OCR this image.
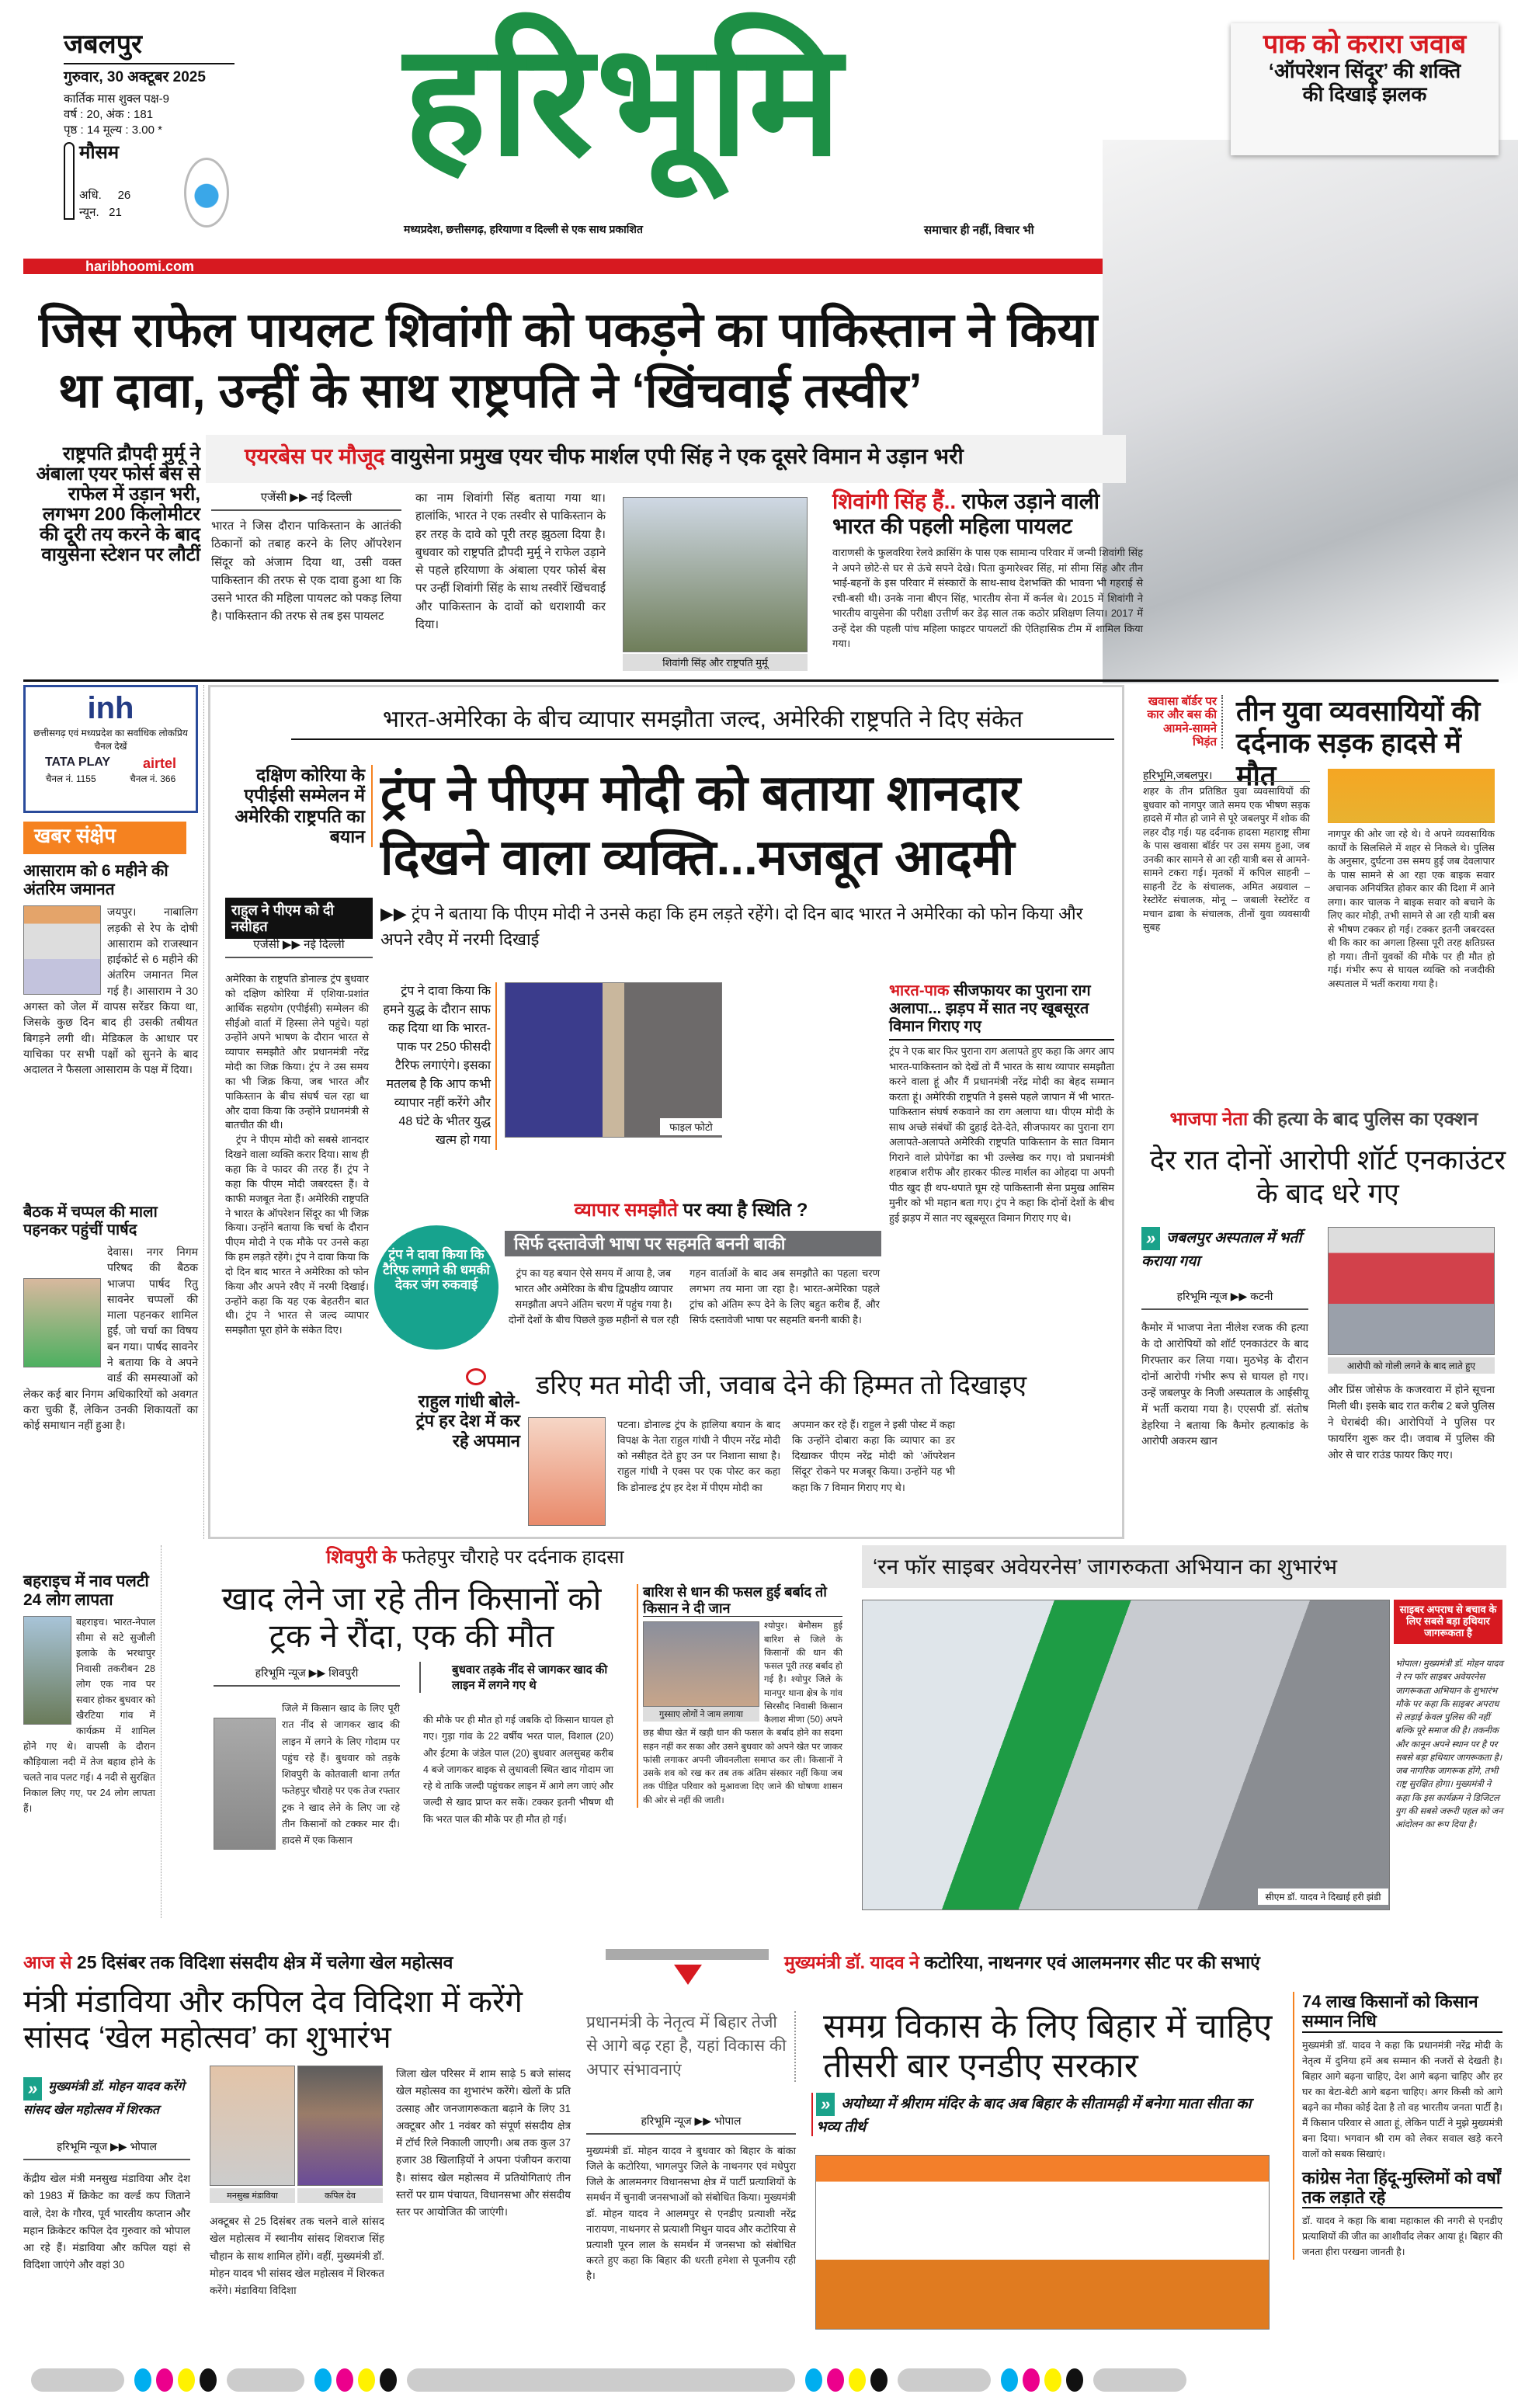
जबलपुर
गुरुवार, 30 अक्टूबर 2025
कार्तिक मास शुक्ल पक्ष-9
वर्ष : 20, अंक : 181
पृष्ठ : 14 मूल्य : 3.00 *
मौसम
अधि. 26
न्यून. 21
हरिभूमि
मध्यप्रदेश, छत्तीसगढ़, हरियाणा व दिल्ली से एक साथ प्रकाशित	समाचार ही नहीं, विचार भी
haribhoomi.com
पाक को करारा जवाब
‘ऑपरेशन सिंदूर’ की शक्ति
की दिखाई झलक
जिस राफेल पायलट शिवांगी को पकड़ने का पाकिस्तान ने किया
था दावा, उन्हीं के साथ राष्ट्रपति ने ‘खिंचवाई तस्वीर’
राष्ट्रपति द्रौपदी मुर्मू ने अंबाला एयर फोर्स बेस से राफेल में उड़ान भरी, लगभग 200 किलोमीटर की दूरी तय करने के बाद वायुसेना स्टेशन पर लौटीं
एयरबेस पर मौजूद वायुसेना प्रमुख एयर चीफ मार्शल एपी सिंह ने एक दूसरे विमान मे उड़ान भरी
एजेंसी ▶▶ नई दिल्ली
भारत ने जिस दौरान पाकिस्तान के आतंकी ठिकानों को तबाह करने के लिए ऑपरेशन सिंदूर को अंजाम दिया था, उसी वक्त पाकिस्तान की तरफ से एक दावा हुआ था कि उसने भारत की महिला पायलट को पकड़ लिया है। पाकिस्तान की तरफ से तब इस पायलट
का नाम शिवांगी सिंह बताया गया था। हालांकि, भारत ने एक तस्वीर से पाकिस्तान के हर तरह के दावे को पूरी तरह झुठला दिया है। बुधवार को राष्ट्रपति द्रौपदी मुर्मू ने राफेल उड़ाने से पहले हरियाणा के अंबाला एयर फोर्स बेस पर उन्हीं शिवांगी सिंह के साथ तस्वीरें खिंचवाईं और पाकिस्तान के दावों को धराशायी कर दिया।
शिवांगी सिंह और राष्ट्रपति मुर्मू
शिवांगी सिंह हैं.. राफेल उड़ाने वाली भारत की पहली महिला पायलट
वाराणसी के फुलवरिया रेलवे क्रासिंग के पास एक सामान्य परिवार में जन्मी शिवांगी सिंह ने अपने छोटे-से घर से ऊंचे सपने देखे। पिता कुमारेश्वर सिंह, मां सीमा सिंह और तीन भाई-बहनों के इस परिवार में संस्कारों के साथ-साथ देशभक्ति की भावना भी गहराई से रची-बसी थी। उनके नाना बीएन सिंह, भारतीय सेना में कर्नल थे। 2015 में शिवांगी ने भारतीय वायुसेना की परीक्षा उत्तीर्ण कर डेढ़ साल तक कठोर प्रशिक्षण लिया। 2017 में उन्हें देश की पहली पांच महिला फाइटर पायलटों की ऐतिहासिक टीम में शामिल किया गया।
inh
छत्तीसगढ़ एवं मध्यप्रदेश का सर्वाधिक लोकप्रिय चैनल देखें
TATA PLAY airtel
चैनल नं. 1155	चैनल नं. 366
खबर संक्षेप
आसाराम को 6 महीने की अंतरिम जमानत
जयपुर। नाबालिग लड़की से रेप के दोषी आसाराम को राजस्थान हाईकोर्ट से 6 महीने की अंतरिम जमानत मिल गई है। आसाराम ने 30 अगस्त को जेल में वापस सरेंडर किया था, जिसके कुछ दिन बाद ही उसकी तबीयत बिगड़ने लगी थी। मेडिकल के आधार पर याचिका पर सभी पक्षों को सुनने के बाद अदालत ने फैसला आसाराम के पक्ष में दिया।
बैठक में चप्पल की माला पहनकर पहुंचीं पार्षद
देवास। नगर निगम परिषद की बैठक भाजपा पार्षद रितु सावनेर चप्पलों की माला पहनकर शामिल हुईं, जो चर्चा का विषय बन गया। पार्षद सावनेर ने बताया कि वे अपने वार्ड की समस्याओं को लेकर कई बार निगम अधिकारियों को अवगत करा चुकी हैं, लेकिन उनकी शिकायतों का कोई समाधान नहीं हुआ है।
भारत-अमेरिका के बीच व्यापार समझौता जल्द, अमेरिकी राष्ट्रपति ने दिए संकेत
दक्षिण कोरिया के एपीईसी सम्मेलन में अमेरिकी राष्ट्रपति का बयान
ट्रंप ने पीएम मोदी को बताया शानदार
दिखने वाला व्यक्ति...मजबूत आदमी
▶▶ ट्रंप ने बताया कि पीएम मोदी ने उनसे कहा कि हम लड़ते रहेंगे। दो दिन बाद भारत ने अमेरिका को फोन किया और अपने रवैए में नरमी दिखाई
राहुल ने पीएम को दी नसीहत
एजेंसी ▶▶ नई दिल्ली
अमेरिका के राष्ट्रपति डोनाल्ड ट्रंप बुधवार को दक्षिण कोरिया में एशिया-प्रशांत आर्थिक सहयोग (एपीईसी) सम्मेलन की सीईओ वार्ता में हिस्सा लेने पहुंचे। यहां उन्होंने अपने भाषण के दौरान भारत से व्यापार समझौते और प्रधानमंत्री नरेंद्र मोदी का जिक्र किया। ट्रंप ने उस समय का भी जिक्र किया, जब भारत और पाकिस्तान के बीच संघर्ष चल रहा था और दावा किया कि उन्होंने प्रधानमंत्री से बातचीत की थी।
ट्रंप ने पीएम मोदी को सबसे शानदार दिखने वाला व्यक्ति करार दिया। साथ ही कहा कि वे फादर की तरह हैं। ट्रंप ने कहा कि पीएम मोदी जबरदस्त हैं। वे काफी मजबूत नेता हैं। अमेरिकी राष्ट्रपति ने भारत के ऑपरेशन सिंदूर का भी जिक्र किया। उन्होंने बताया कि चर्चा के दौरान पीएम मोदी ने एक मौके पर उनसे कहा कि हम लड़ते रहेंगे। ट्रंप ने दावा किया कि दो दिन बाद भारत ने अमेरिका को फोन किया और अपने रवैए में नरमी दिखाई। उन्होंने कहा कि यह एक बेहतरीन बात थी। ट्रंप ने भारत से जल्द व्यापार समझौता पूरा होने के संकेत दिए।
ट्रंप ने दावा किया कि हमने युद्ध के दौरान साफ कह दिया था कि भारत-पाक पर 250 फीसदी टैरिफ लगाएंगे। इसका मतलब है कि आप कभी व्यापार नहीं करेंगे और 48 घंटे के भीतर युद्ध खत्म हो गया
फाइल फोटो
ट्रंप ने दावा किया कि टैरिफ लगाने की धमकी देकर जंग रुकवाई
भारत-पाक सीजफायर का पुराना राग अलापा... झड़प में सात नए खूबसूरत विमान गिराए गए
ट्रंप ने एक बार फिर पुराना राग अलापते हुए कहा कि अगर आप भारत-पाकिस्तान को देखें तो मैं भारत के साथ व्यापार समझौता करने वाला हूं और मैं प्रधानमंत्री नरेंद्र मोदी का बेहद सम्मान करता हूं। अमेरिकी राष्ट्रपति ने इससे पहले जापान में भी भारत-पाकिस्तान संघर्ष रुकवाने का राग अलापा था। पीएम मोदी के साथ अच्छे संबंधों की दुहाई देते-देते, सीजफायर का पुराना राग अलापते-अलापते अमेरिकी राष्ट्रपति पाकिस्तान के सात विमान गिराने वाले प्रोपेगेंडा का भी उल्लेख कर गए। वो प्रधानमंत्री शहबाज शरीफ और हारकर फील्ड मार्शल का ओहदा पा अपनी पीठ खुद ही थप-थपाते घूम रहे पाकिस्तानी सेना प्रमुख आसिम मुनीर को भी महान बता गए। ट्रंप ने कहा कि दोनों देशों के बीच हुई झड़प में सात नए खूबसूरत विमान गिराए गए थे।
व्यापार समझौते पर क्या है स्थिति ?
सिर्फ दस्तावेजी भाषा पर सहमति बननी बाकी
ट्रंप का यह बयान ऐसे समय में आया है, जब भारत और अमेरिका के बीच द्विपक्षीय व्यापार समझौता अपने अंतिम चरण में पहुंच गया है। दोनों देशों के बीच पिछले कुछ महीनों से चल रही
गहन वार्ताओं के बाद अब समझौते का पहला चरण लगभग तय माना जा रहा है। भारत-अमेरिका पहले ट्रांच को अंतिम रूप देने के लिए बहुत करीब हैं, और सिर्फ दस्तावेजी भाषा पर सहमति बननी बाकी है।
राहुल गांधी बोले- ट्रंप हर देश में कर रहे अपमान
डरिए मत मोदी जी, जवाब देने की हिम्मत तो दिखाइए
पटना। डोनाल्ड ट्रंप के हालिया बयान के बाद विपक्ष के नेता राहुल गांधी ने पीएम नरेंद्र मोदी को नसीहत देते हुए उन पर निशाना साधा है। राहुल गांधी ने एक्स पर एक पोस्ट कर कहा कि डोनाल्ड ट्रंप हर देश में पीएम मोदी का
अपमान कर रहे हैं। राहुल ने इसी पोस्ट में कहा कि उन्होंने दोबारा कहा कि व्यापार का डर दिखाकर पीएम नरेंद्र मोदी को 'ऑपरेशन सिंदूर' रोकने पर मजबूर किया। उन्होंने यह भी कहा कि 7 विमान गिराए गए थे।
खवासा बॉर्डर पर कार और बस की आमने-सामने भिड़ंत
तीन युवा व्यवसायियों की दर्दनाक सड़क हादसे में मौत
हरिभूमि,जबलपुर।
शहर के तीन प्रतिष्ठित युवा व्यवसायियों की बुधवार को नागपुर जाते समय एक भीषण सड़क हादसे में मौत हो जाने से पूरे जबलपुर में शोक की लहर दौड़ गई। यह दर्दनाक हादसा महाराष्ट्र सीमा के पास खवासा बॉर्डर पर उस समय हुआ, जब उनकी कार सामने से आ रही यात्री बस से आमने-सामने टकरा गई। मृतकों में कपिल साहनी –साहनी टेंट के संचालक, अमित अग्रवाल – रेस्टोरेंट संचालक, मोनू – जबाली रेस्टोरेंट व मचान ढाबा के संचालक, तीनों युवा व्यवसायी सुबह
नागपुर की ओर जा रहे थे। वे अपने व्यवसायिक कार्यों के सिलसिले में शहर से निकले थे। पुलिस के अनुसार, दुर्घटना उस समय हुई जब देवलापार के पास सामने से आ रहा एक बाइक सवार अचानक अनियंत्रित होकर कार की दिशा में आने लगा। कार चालक ने बाइक सवार को बचाने के लिए कार मोड़ी, तभी सामने से आ रही यात्री बस से भीषण टक्कर हो गई। टक्कर इतनी जबरदस्त थी कि कार का अगला हिस्सा पूरी तरह क्षतिग्रस्त हो गया। तीनों युवकों की मौके पर ही मौत हो गई। गंभीर रूप से घायल व्यक्ति को नजदीकी अस्पताल में भर्ती कराया गया है।
भाजपा नेता की हत्या के बाद पुलिस का एक्शन
देर रात दोनों आरोपी शॉर्ट एनकाउंटर के बाद धरे गए
» जबलपुर अस्पताल में भर्ती कराया गया
हरिभूमि न्यूज ▶▶ कटनी
कैमोर में भाजपा नेता नीलेश रजक की हत्या के दो आरोपियों को शॉर्ट एनकाउंटर के बाद गिरफ्तार कर लिया गया। मुठभेड़ के दौरान दोनों आरोपी गंभीर रूप से घायल हो गए। उन्हें जबलपुर के निजी अस्पताल के आईसीयू में भर्ती कराया गया है। एएसपी डॉ. संतोष डेहरिया ने बताया कि कैमोर हत्याकांड के आरोपी अकरम खान
आरोपी को गोली लगने के बाद लाते हुए
और प्रिंस जोसेफ के कजरवारा में होने सूचना मिली थी। इसके बाद रात करीब 2 बजे पुलिस ने घेराबंदी की। आरोपियों ने पुलिस पर फायरिंग शुरू कर दी। जवाब में पुलिस की ओर से चार राउंड फायर किए गए।
बहराइच में नाव पलटी 24 लोग लापता
बहराइच। भारत-नेपाल सीमा से सटे सुजौली इलाके के भरथापुर निवासी तकरीबन 28 लोग एक नाव पर सवार होकर बुधवार को खैरटिया गांव में कार्यक्रम में शामिल होने गए थे। वापसी के दौरान कौड़ियाला नदी में तेज बहाव होने के चलते नाव पलट गई। 4 नदी से सुरक्षित निकाल लिए गए, पर 24 लोग लापता हैं।
शिवपुरी के फतेहपुर चौराहे पर दर्दनाक हादसा
खाद लेने जा रहे तीन किसानों को ट्रक ने रौंदा, एक की मौत
हरिभूमि न्यूज ▶▶ शिवपुरी	बुधवार तड़के नींद से जागकर खाद की लाइन में लगने गए थे
जिले में किसान खाद के लिए पूरी रात नींद से जागकर खाद की लाइन में लगने के लिए गोदाम पर पहुंच रहे हैं। बुधवार को तड़के शिवपुरी के कोतवाली थाना तर्गत फतेहपुर चौराहे पर एक तेज रफ्तार ट्रक ने खाद लेने के लिए जा रहे तीन किसानों को टक्कर मार दी। हादसे में एक किसान
की मौके पर ही मौत हो गई जबकि दो किसान घायल हो गए। गुड़ा गांव के 22 वर्षीय भरत पाल, विशाल (20) और ईटमा के जंडेल पाल (20) बुधवार अलसुबह करीब 4 बजे जागकर बाइक से लुधावली स्थित खाद गोदाम जा रहे थे ताकि जल्दी पहुंचकर लाइन में आगे लग जाएं और जल्दी से खाद प्राप्त कर सकें। टक्कर इतनी भीषण थी कि भरत पाल की मौके पर ही मौत हो गई।
बारिश से धान की फसल हुई बर्बाद तो किसान ने दी जान
गुस्साए लोगों ने जाम लगाया
श्योपुर। बेमौसम हुई बारिश से जिले के किसानों की धान की फसल पूरी तरह बर्बाद हो गई है। श्योपुर जिले के मानपुर थाना क्षेत्र के गांव सिरसौद निवासी किसान कैलाश मीणा (50) अपने छह बीघा खेत में खड़ी धान की फसल के बर्बाद होने का सदमा सहन नहीं कर सका और उसने बुधवार को अपने खेत पर जाकर फांसी लगाकर अपनी जीवनलीला समाप्त कर ली। किसानों ने उसके शव को रख कर तब तक अंतिम संस्कार नहीं किया जब तक पीड़ित परिवार को मुआवजा दिए जाने की घोषणा शासन की ओर से नहीं की जाती।
‘रन फॉर साइबर अवेयरनेस’ जागरुकता अभियान का शुभारंभ
सीएम डॉ. यादव ने दिखाई हरी झंडी
साइबर अपराध से बचाव के लिए सबसे बड़ा हथियार जागरूकता है
भोपाल। मुख्यमंत्री डॉ. मोहन यादव ने रन फॉर साइबर अवेयरनेस जागरूकता अभियान के शुभारंभ मौके पर कहा कि साइबर अपराध से लड़ाई केवल पुलिस की नहीं बल्कि पूरे समाज की है। तकनीक और कानून अपने स्थान पर है पर सबसे बड़ा हथियार जागरूकता है। जब नागरिक जागरूक होंगे, तभी राष्ट्र सुरक्षित होगा। मुख्यमंत्री ने कहा कि इस कार्यक्रम ने डिजिटल युग की सबसे जरूरी पहल को जन आंदोलन का रूप दिया है।
आज से 25 दिसंबर तक विदिशा संसदीय क्षेत्र में चलेगा खेल महोत्सव
मंत्री मंडाविया और कपिल देव विदिशा में करेंगे सांसद ‘खेल महोत्सव’ का शुभारंभ
» मुख्यमंत्री डॉ. मोहन यादव करेंगे सांसद खेल महोत्सव में शिरकत
हरिभूमि न्यूज ▶▶ भोपाल
केंद्रीय खेल मंत्री मनसुख मंडाविया और देश को 1983 में क्रिकेट का वर्ल्ड कप जिताने वाले, देश के गौरव, पूर्व भारतीय कप्तान और महान क्रिकेटर कपिल देव गुरुवार को भोपाल आ रहे हैं। मंडाविया और कपिल यहां से विदिशा जाएंगे और वहां 30
मनसुख मंडाविया	कपिल देव
अक्टूबर से 25 दिसंबर तक चलने वाले सांसद खेल महोत्सव में स्थानीय सांसद शिवराज सिंह चौहान के साथ शामिल होंगे। वहीं, मुख्यमंत्री डॉ. मोहन यादव भी सांसद खेल महोत्सव में शिरकत करेंगे। मंडाविया विदिशा
जिला खेल परिसर में शाम साढ़े 5 बजे सांसद खेल महोत्सव का शुभारंभ करेंगे। खेलों के प्रति उत्साह और जनजागरूकता बढ़ाने के लिए 31 अक्टूबर और 1 नवंबर को संपूर्ण संसदीय क्षेत्र में टॉर्च रिले निकाली जाएगी। अब तक कुल 37 हजार 38 खिलाड़ियों ने अपना पंजीयन कराया है। सांसद खेल महोत्सव में प्रतियोगिताएं तीन स्तरों पर ग्राम पंचायत, विधानसभा और संसदीय स्तर पर आयोजित की जाएंगी।
मुख्यमंत्री डॉ. यादव ने कटोरिया, नाथनगर एवं आलमनगर सीट पर की सभाएं
प्रधानमंत्री के नेतृत्व में बिहार तेजी से आगे बढ़ रहा है, यहां विकास की अपार संभावनाएं
हरिभूमि न्यूज ▶▶ भोपाल
मुख्यमंत्री डॉ. मोहन यादव ने बुधवार को बिहार के बांका जिले के कटोरिया, भागलपुर जिले के नाथनगर एवं मधेपुरा जिले के आलमनगर विधानसभा क्षेत्र में पार्टी प्रत्याशियों के समर्थन में चुनावी जनसभाओं को संबोधित किया। मुख्यमंत्री डॉ. मोहन यादव ने आलमपुर से एनडीए प्रत्याशी नरेंद्र नारायण, नाथनगर से प्रत्याशी मिथुन यादव और कटोरिया से प्रत्याशी पूरन लाल के समर्थन में जनसभा को संबोधित करते हुए कहा कि बिहार की धरती हमेशा से पूजनीय रही है।
समग्र विकास के लिए बिहार में चाहिए तीसरी बार एनडीए सरकार
» अयोध्या में श्रीराम मंदिर के बाद अब बिहार के सीतामढ़ी में बनेगा माता सीता का भव्य तीर्थ
74 लाख किसानों को किसान सम्मान निधि
मुख्यमंत्री डॉ. यादव ने कहा कि प्रधानमंत्री नरेंद्र मोदी के नेतृत्व में दुनिया हमें अब सम्मान की नजरों से देखती है। बिहार आगे बढ़ना चाहिए, देश आगे बढ़ना चाहिए और हर घर का बेटा-बेटी आगे बढ़ना चाहिए। अगर किसी को आगे बढ़ने का मौका कोई देता है तो वह भारतीय जनता पार्टी है। मैं किसान परिवार से आता हूं, लेकिन पार्टी ने मुझे मुख्यमंत्री बना दिया। भगवान श्री राम को लेकर सवाल खड़े करने वालों को सबक सिखाएं।
कांग्रेस नेता हिंदू-मुस्लिमों को वर्षों तक लड़ाते रहे
डॉ. यादव ने कहा कि बाबा महाकाल की नगरी से एनडीए प्रत्याशियों की जीत का आशीर्वाद लेकर आया हूं। बिहार की जनता हीरा परखना जानती है।
